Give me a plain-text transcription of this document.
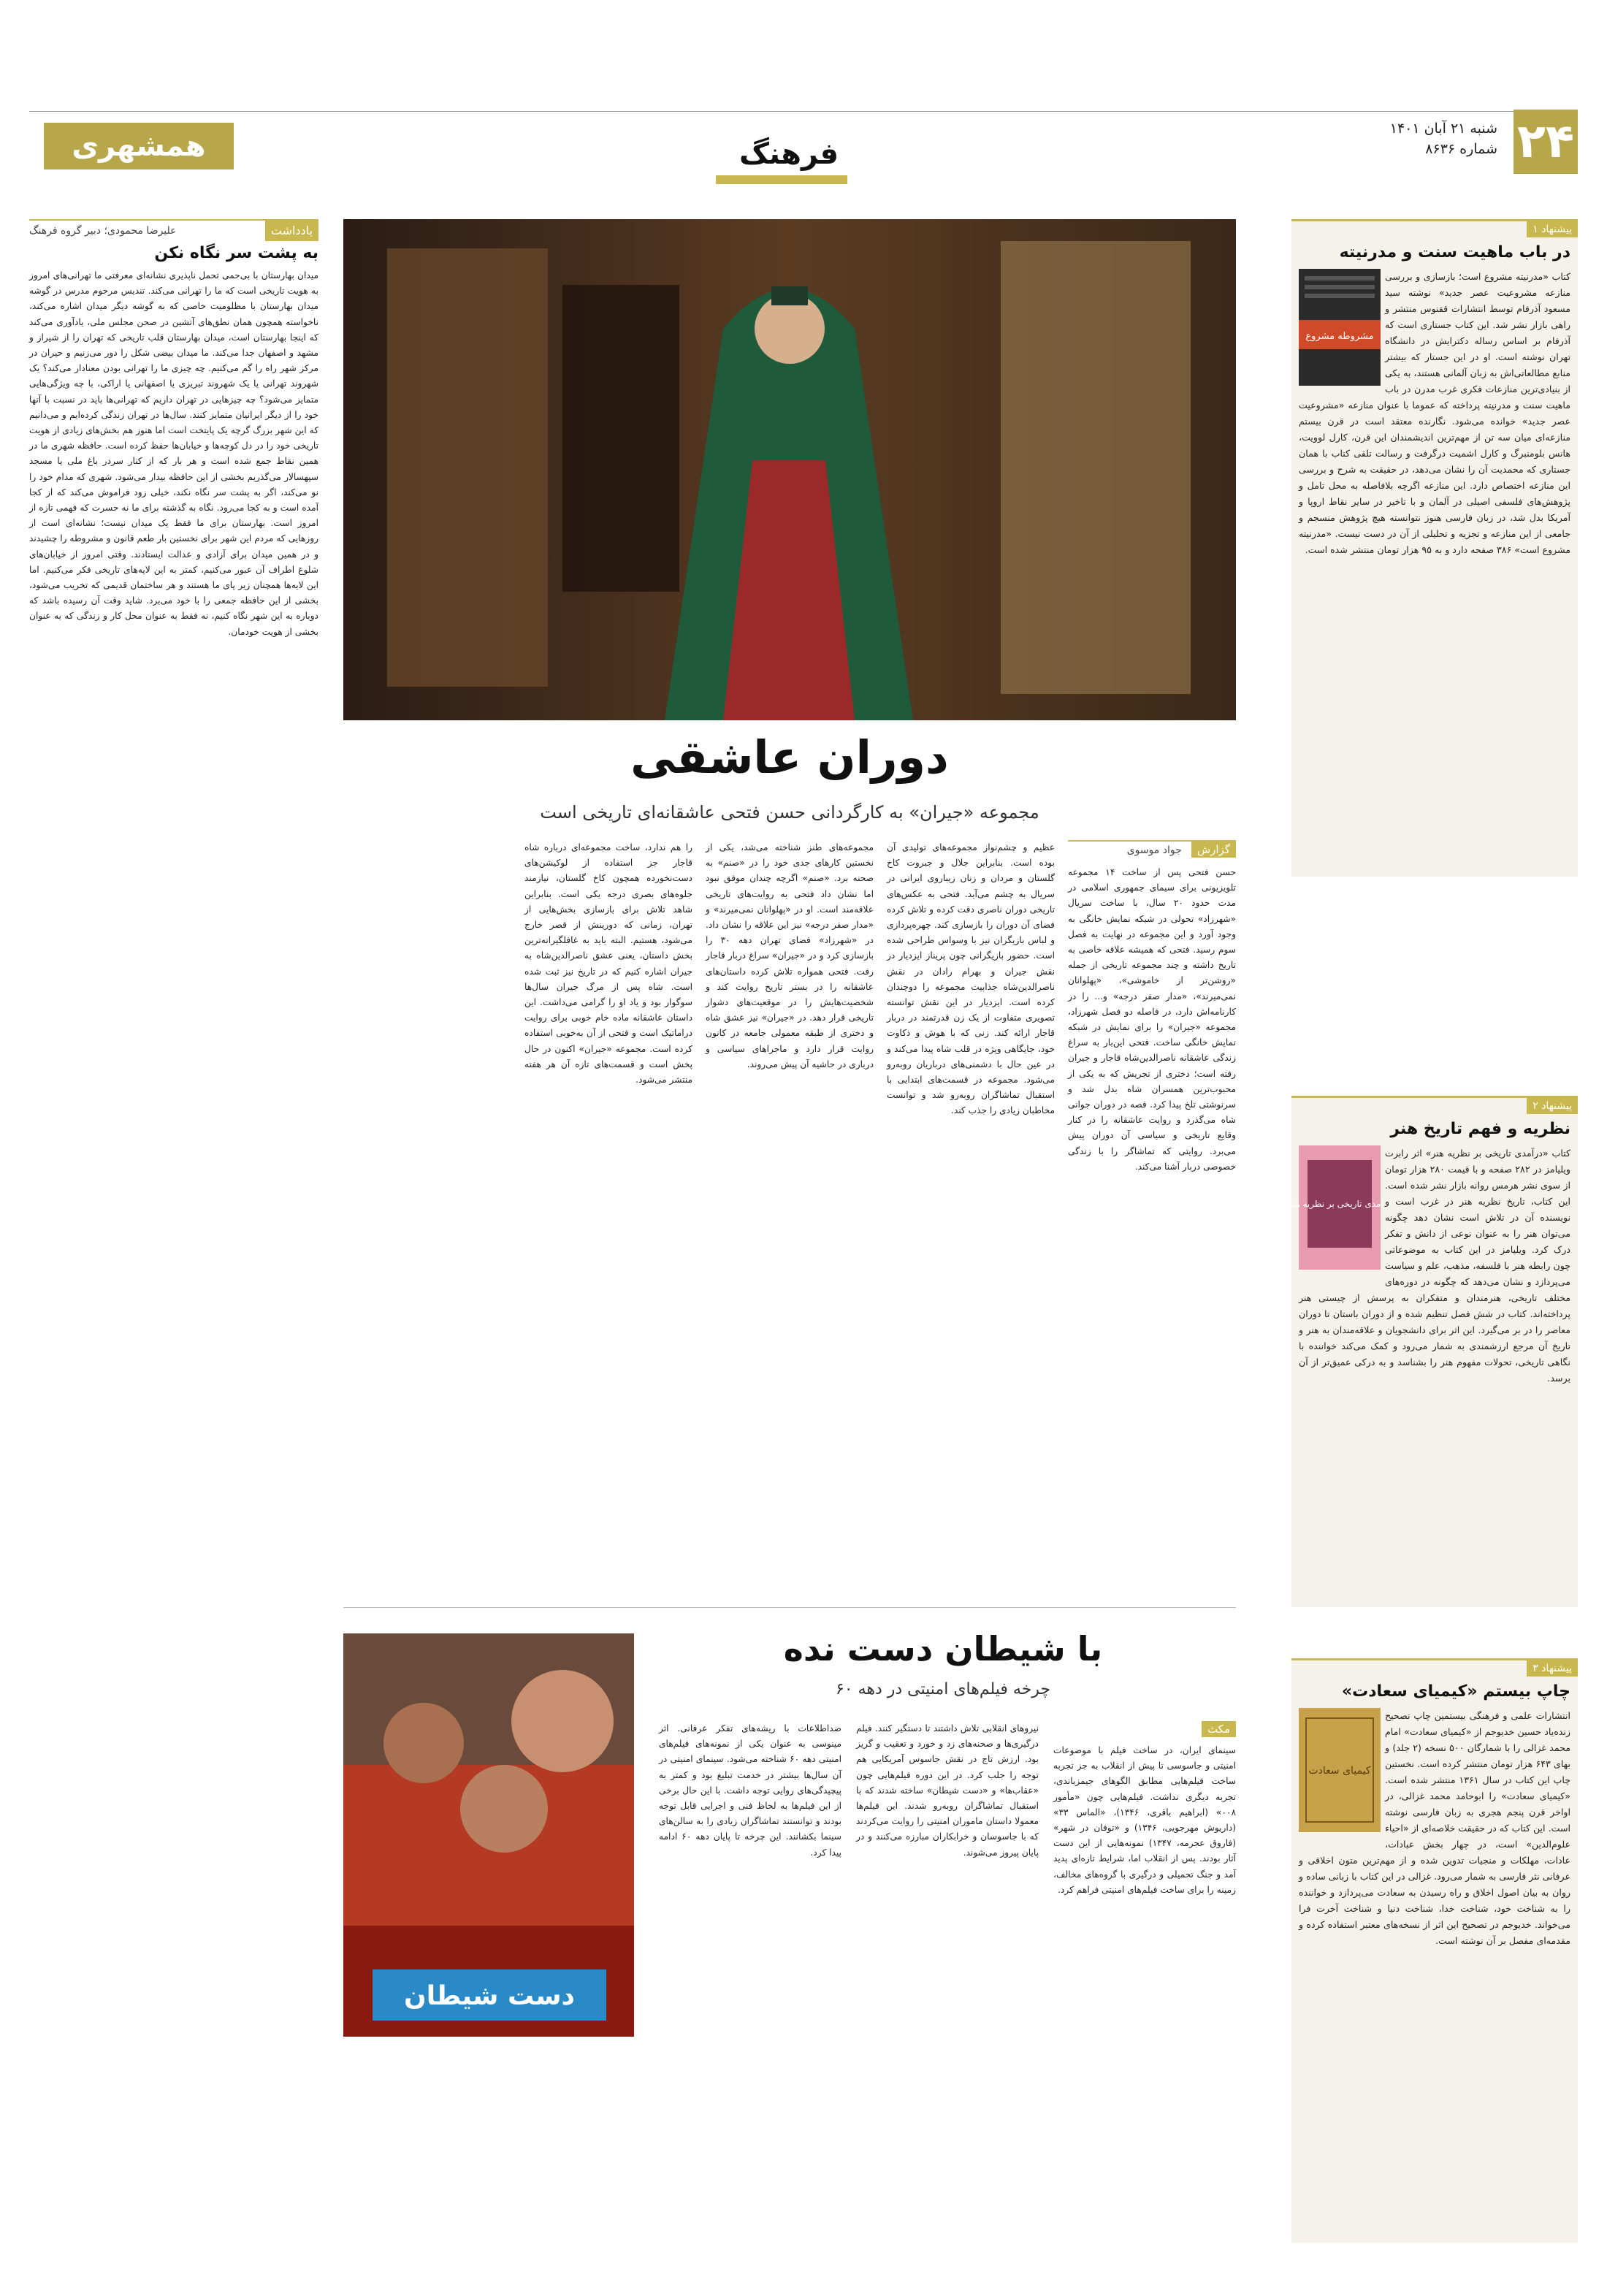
۲۴
شنبه ۲۱ آبان ۱۴۰۱
شماره ۸۶۳۶
فرهنگ
همشهری
یادداشت
علیرضا محمودی؛ دبیر گروه فرهنگ
به پشت سر نگاه نکن
میدان بهارستان با بی‌حمی تحمل ناپذیری نشانه‌ای معرفتی ما تهرانی‌های امروز به هویت تاریخی است که ما را تهرانی می‌کند. تندیس مرحوم مدرس در گوشه میدان بهارستان با مظلومیت خاصی که به گوشه دیگر میدان اشاره می‌کند، ناخواسته همچون همان نطق‌های آتشین در صحن مجلس ملی، یادآوری می‌کند که اینجا بهارستان است، میدان بهارستان قلب تاریخی که تهران را از شیراز و مشهد و اصفهان جدا می‌کند. ما میدان بیضی شکل را دور می‌زنیم و حیران در مرکز شهر راه را گم می‌کنیم. چه چیزی ما را تهرانی بودن معنادار می‌کند؟ یک شهروند تهرانی یا یک شهروند تبریزی یا اصفهانی یا اراکی، با چه ویژگی‌هایی متمایز می‌شود؟ چه چیزهایی در تهران داریم که تهرانی‌ها باید در نسبت با آنها خود را از دیگر ایرانیان متمایز کنند. سال‌ها در تهران زندگی کرده‌ایم و می‌دانیم که این شهر بزرگ گرچه یک پایتخت است اما هنوز هم بخش‌های زیادی از هویت تاریخی خود را در دل کوچه‌ها و خیابان‌ها حفظ کرده است. حافظه شهری ما در همین نقاط جمع شده است و هر بار که از کنار سردر باغ ملی یا مسجد سپهسالار می‌گذریم بخشی از این حافظه بیدار می‌شود. شهری که مدام خود را نو می‌کند، اگر به پشت سر نگاه نکند، خیلی زود فراموش می‌کند که از کجا آمده است و به کجا می‌رود. نگاه به گذشته برای ما نه حسرت که فهمی تازه از امروز است. بهارستان برای ما فقط یک میدان نیست؛ نشانه‌ای است از روزهایی که مردم این شهر برای نخستین بار طعم قانون و مشروطه را چشیدند و در همین میدان برای آزادی و عدالت ایستادند. وقتی امروز از خیابان‌های شلوغ اطراف آن عبور می‌کنیم، کمتر به این لایه‌های تاریخی فکر می‌کنیم. اما این لایه‌ها همچنان زیر پای ما هستند و هر ساختمان قدیمی که تخریب می‌شود، بخشی از این حافظه جمعی را با خود می‌برد. شاید وقت آن رسیده باشد که دوباره به این شهر نگاه کنیم، نه فقط به عنوان محل کار و زندگی که به عنوان بخشی از هویت خودمان.
پیشنهاد ۱
در باب ماهیت سنت و مدرنیته
مشروطه مشروع
کتاب «مدرنیته مشروع است؛ بازسازی و بررسی منازعه مشروعیت عصر جدید» نوشته سید مسعود آذرفام توسط انتشارات ققنوس منتشر و راهی بازار نشر شد. این کتاب جستاری است که آذرفام بر اساس رساله دکترایش در دانشگاه تهران نوشته است. او در این جستار که بیشتر منابع مطالعاتی‌اش به زبان آلمانی هستند، به یکی از بنیادی‌ترین منازعات فکری غرب مدرن در باب ماهیت سنت و مدرنیته پرداخته که عموما با عنوان منازعه «مشروعیت عصر جدید» خوانده می‌شود. نگارنده معتقد است در قرن بیستم منازعه‌ای میان سه تن از مهم‌ترین اندیشمندان این قرن، کارل لوویت، هانس بلومنبرگ و کارل اشمیت درگرفت و رسالت تلقی کتاب با همان جستاری که محمدیت آن را نشان می‌دهد، در حقیقت به شرح و بررسی این منازعه اختصاص دارد. این منازعه اگرچه بلافاصله به محل تامل و پژوهش‌های فلسفی اصیلی در آلمان و با تاخیر در سایر نقاط اروپا و آمریکا بدل شد، در زبان فارسی هنوز نتوانسته هیچ پژوهش منسجم و جامعی از این منازعه و تجزیه و تحلیلی از آن در دست نیست. «مدرنیته مشروع است» ۳۸۶ صفحه دارد و به ۹۵ هزار تومان منتشر شده است.
پیشنهاد ۲
نظریه و فهم تاریخ هنر
درآمدی تاریخی بر نظریه هنر
کتاب «درآمدی تاریخی بر نظریه هنر» اثر رابرت ویلیامز در ۲۸۲ صفحه و با قیمت ۲۸۰ هزار تومان از سوی نشر هرمس روانه بازار نشر شده است. این کتاب، تاریخ نظریه هنر در غرب است و نویسنده آن در تلاش است نشان دهد چگونه می‌توان هنر را به عنوان نوعی از دانش و تفکر درک کرد. ویلیامز در این کتاب به موضوعاتی چون رابطه هنر با فلسفه، مذهب، علم و سیاست می‌پردازد و نشان می‌دهد که چگونه در دوره‌های مختلف تاریخی، هنرمندان و متفکران به پرسش از چیستی هنر پرداخته‌اند. کتاب در شش فصل تنظیم شده و از دوران باستان تا دوران معاصر را در بر می‌گیرد. این اثر برای دانشجویان و علاقه‌مندان به هنر و تاریخ آن مرجع ارزشمندی به شمار می‌رود و کمک می‌کند خواننده با نگاهی تاریخی، تحولات مفهوم هنر را بشناسد و به درکی عمیق‌تر از آن برسد.
پیشنهاد ۳
چاپ بیستم «کیمیای سعادت»
کیمیای سعادت
انتشارات علمی و فرهنگی بیستمین چاپ تصحیح زنده‌یاد حسین خدیوجم از «کیمیای سعادت» امام محمد غزالی را با شمارگان ۵۰۰ نسخه (۲ جلد) و بهای ۶۴۳ هزار تومان منتشر کرده است. نخستین چاپ این کتاب در سال ۱۳۶۱ منتشر شده است. «کیمیای سعادت» را ابوحامد محمد غزالی، در اواخر قرن پنجم هجری به زبان فارسی نوشته است. این کتاب که در حقیقت خلاصه‌ای از «احیاء علوم‌الدین» است، در چهار بخش عبادات، عادات، مهلکات و منجیات تدوین شده و از مهم‌ترین متون اخلاقی و عرفانی نثر فارسی به شمار می‌رود. غزالی در این کتاب با زبانی ساده و روان به بیان اصول اخلاق و راه رسیدن به سعادت می‌پردازد و خواننده را به شناخت خود، شناخت خدا، شناخت دنیا و شناخت آخرت فرا می‌خواند. خدیوجم در تصحیح این اثر از نسخه‌های معتبر استفاده کرده و مقدمه‌ای مفصل بر آن نوشته است.
دوران عاشقی
مجموعه «جیران» به کارگردانی حسن فتحی عاشقانه‌ای تاریخی است
گزارش جواد موسوی
حسن فتحی پس از ساخت ۱۴ مجموعه تلویزیونی برای سیمای جمهوری اسلامی در مدت حدود ۲۰ سال، با ساخت سریال «شهرزاد» تحولی در شبکه نمایش خانگی به وجود آورد و این مجموعه در نهایت به فصل سوم رسید. فتحی که همیشه علاقه خاصی به تاریخ داشته و چند مجموعه تاریخی از جمله «روشن‌تر از خاموشی»، «پهلوانان نمی‌میرند»، «مدار صفر درجه» و... را در کارنامه‌اش دارد، در فاصله دو فصل شهرزاد، مجموعه «جیران» را برای نمایش در شبکه نمایش خانگی ساخت. فتحی این‌بار به سراغ زندگی عاشقانه ناصرالدین‌شاه قاجار و جیران رفته است؛ دختری از تجریش که به یکی از محبوب‌ترین همسران شاه بدل شد و سرنوشتی تلخ پیدا کرد. قصه در دوران جوانی شاه می‌گذرد و روایت عاشقانه را در کنار وقایع تاریخی و سیاسی آن دوران پیش می‌برد. روایتی که تماشاگر را با زندگی خصوصی دربار آشنا می‌کند.
عظیم و چشم‌نواز مجموعه‌های تولیدی آن بوده است. بنابراین جلال و جبروت کاخ گلستان و مردان و زنان زیباروی ایرانی در سریال به چشم می‌آید. فتحی به عکس‌های تاریخی دوران ناصری دقت کرده و تلاش کرده فضای آن دوران را بازسازی کند. چهره‌پردازی و لباس بازیگران نیز با وسواس طراحی شده است. حضور بازیگرانی چون پریناز ایزدیار در نقش جیران و بهرام رادان در نقش ناصرالدین‌شاه جذابیت مجموعه را دوچندان کرده است. ایزدیار در این نقش توانسته تصویری متفاوت از یک زن قدرتمند در دربار قاجار ارائه کند. زنی که با هوش و ذکاوت خود، جایگاهی ویژه در قلب شاه پیدا می‌کند و در عین حال با دشمنی‌های درباریان روبه‌رو می‌شود. مجموعه در قسمت‌های ابتدایی با استقبال تماشاگران روبه‌رو شد و توانست مخاطبان زیادی را جذب کند.
مجموعه‌های طنز شناخته می‌شد، یکی از نخستین کارهای جدی خود را در «صنم» به صحنه برد. «صنم» اگرچه چندان موفق نبود اما نشان داد فتحی به روایت‌های تاریخی علاقه‌مند است. او در «پهلوانان نمی‌میرند» و «مدار صفر درجه» نیز این علاقه را نشان داد. در «شهرزاد» فضای تهران دهه ۳۰ را بازسازی کرد و در «جیران» سراغ دربار قاجار رفت. فتحی همواره تلاش کرده داستان‌های عاشقانه را در بستر تاریخ روایت کند و شخصیت‌هایش را در موقعیت‌های دشوار تاریخی قرار دهد. در «جیران» نیز عشق شاه و دختری از طبقه معمولی جامعه در کانون روایت قرار دارد و ماجراهای سیاسی و درباری در حاشیه آن پیش می‌روند.
را هم ندارد، ساخت مجموعه‌ای درباره شاه قاجار جز استفاده از لوکیشن‌های دست‌نخورده همچون کاخ گلستان، نیازمند جلوه‌های بصری درجه یکی است. بنابراین شاهد تلاش برای بازسازی بخش‌هایی از تهران، زمانی که دورینش از قصر خارج می‌شود، هستیم. البته باید به غافلگیرانه‌ترین بخش داستان، یعنی عشق ناصرالدین‌شاه به جیران اشاره کنیم که در تاریخ نیز ثبت شده است. شاه پس از مرگ جیران سال‌ها سوگوار بود و یاد او را گرامی می‌داشت. این داستان عاشقانه ماده خام خوبی برای روایت دراماتیک است و فتحی از آن به‌خوبی استفاده کرده است. مجموعه «جیران» اکنون در حال پخش است و قسمت‌های تازه آن هر هفته منتشر می‌شود.
دست شیطان
با شیطان دست نده
چرخه فیلم‌های امنیتی در دهه ۶۰
مکث
سینمای ایران، در ساخت فیلم با موضوعات امنیتی و جاسوسی تا پیش از انقلاب به جز تجربه ساخت فیلم‌هایی مطابق الگوهای جیمزباندی، تجربه دیگری نداشت. فیلم‌هایی چون «مأمور ۰۰۸» (ابراهیم باقری، ۱۳۴۶)، «الماس ۳۳» (داریوش مهرجویی، ۱۳۴۶) و «توفان در شهر» (فاروق عجرمه، ۱۳۴۷) نمونه‌هایی از این دست آثار بودند. پس از انقلاب اما، شرایط تازه‌ای پدید آمد و جنگ تحمیلی و درگیری با گروه‌های مخالف، زمینه را برای ساخت فیلم‌های امنیتی فراهم کرد.
نیروهای انقلابی تلاش داشتند تا دستگیر کنند. فیلم درگیری‌ها و صحنه‌های زد و خورد و تعقیب و گریز بود. ارزش تاج در نقش جاسوس آمریکایی هم توجه را جلب کرد. در این دوره فیلم‌هایی چون «عقاب‌ها» و «دست شیطان» ساخته شدند که با استقبال تماشاگران روبه‌رو شدند. این فیلم‌ها معمولا داستان ماموران امنیتی را روایت می‌کردند که با جاسوسان و خرابکاران مبارزه می‌کنند و در پایان پیروز می‌شوند.
ضداطلاعات با ریشه‌های تفکر عرفانی. اثر مینوسی به عنوان یکی از نمونه‌های فیلم‌های امنیتی دهه ۶۰ شناخته می‌شود. سینمای امنیتی در آن سال‌ها بیشتر در خدمت تبلیغ بود و کمتر به پیچیدگی‌های روایی توجه داشت. با این حال برخی از این فیلم‌ها به لحاظ فنی و اجرایی قابل توجه بودند و توانستند تماشاگران زیادی را به سالن‌های سینما بکشانند. این چرخه تا پایان دهه ۶۰ ادامه پیدا کرد.
